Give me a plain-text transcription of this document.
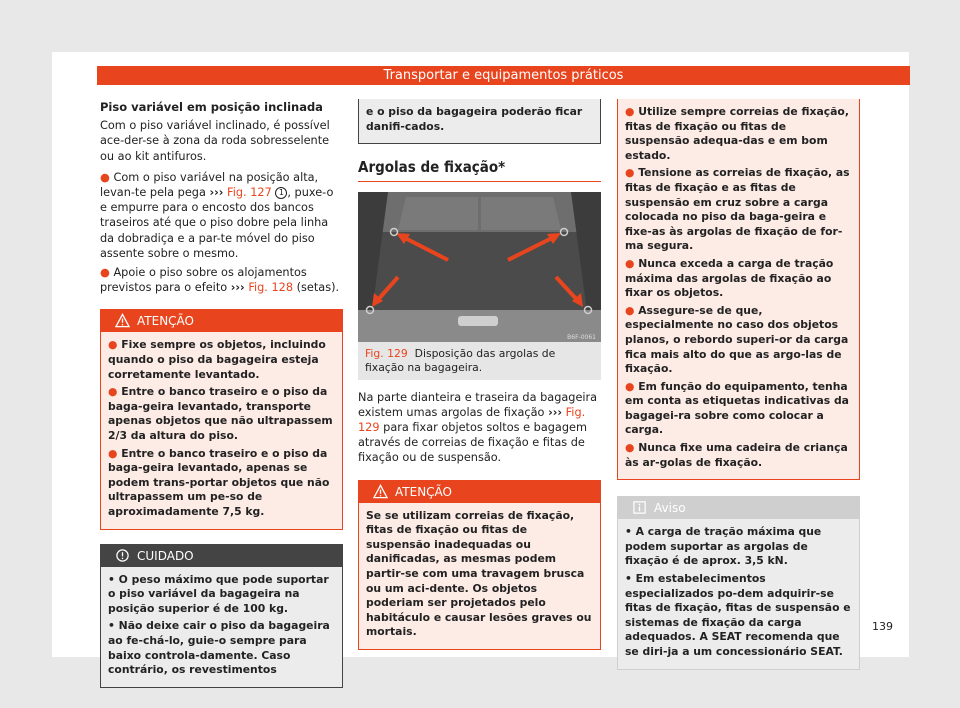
Transportar e equipamentos práticos

Piso variável em posição inclinada

Com o piso variável inclinado, é possível ace-der-se à zona da roda sobresselente ou ao kit antifuros.

● Com o piso variável na posição alta, levan-te pela pega ››› Fig. 127 1 , puxe-o e empurre para o encosto dos bancos traseiros até que o piso dobre pela linha da dobradiça e a par-te móvel do piso assente sobre o mesmo.

● Apoie o piso sobre os alojamentos previstos para o efeito ››› Fig. 128 (setas).

ATENÇÃO

● Fixe sempre os objetos, incluindo quando o piso da bagageira esteja corretamente levantado.

● Entre o banco traseiro e o piso da baga-geira levantado, transporte apenas objetos que não ultrapassem 2/3 da altura do piso.

● Entre o banco traseiro e o piso da baga-geira levantado, apenas se podem trans-portar objetos que não ultrapassem um pe-so de aproximadamente 7,5 kg.

CUIDADO

• O peso máximo que pode suportar o piso variável da bagageira na posição superior é de 100 kg.

• Não deixe cair o piso da bagageira ao fe-chá-lo, guie-o sempre para baixo controla-damente. Caso contrário, os revestimentos

e o piso da bagageira poderão ficar danifi-cados.

Argolas de fixação*
B6F-0061
Fig. 129 Disposição das argolas de fixação na bagageira.

Na parte dianteira e traseira da bagageira existem umas argolas de fixação ››› Fig. 129 para fixar objetos soltos e bagagem através de correias de fixação e fitas de fixação ou de suspensão.

ATENÇÃO

Se se utilizam correias de fixação, fitas de fixação ou fitas de suspensão inadequadas ou danificadas, as mesmas podem partir-se com uma travagem brusca ou um aci-dente. Os objetos poderiam ser projetados pelo habitáculo e causar lesões graves ou mortais.

● Utilize sempre correias de fixação, fitas de fixação ou fitas de suspensão adequa-das e em bom estado.

● Tensione as correias de fixação, as fitas de fixação e as fitas de suspensão em cruz sobre a carga colocada no piso da baga-geira e fixe-as às argolas de fixação de for-ma segura.

● Nunca exceda a carga de tração máxima das argolas de fixação ao fixar os objetos.

● Assegure-se de que, especialmente no caso dos objetos planos, o rebordo superi-or da carga fica mais alto do que as argo-las de fixação.

● Em função do equipamento, tenha em conta as etiquetas indicativas da bagagei-ra sobre como colocar a carga.

● Nunca fixe uma cadeira de criança às ar-golas de fixação.

Aviso

• A carga de tração máxima que podem suportar as argolas de fixação é de aprox. 3,5 kN.

• Em estabelecimentos especializados po-dem adquirir-se fitas de fixação, fitas de suspensão e sistemas de fixação da carga adequados. A SEAT recomenda que se diri-ja a um concessionário SEAT.

139
